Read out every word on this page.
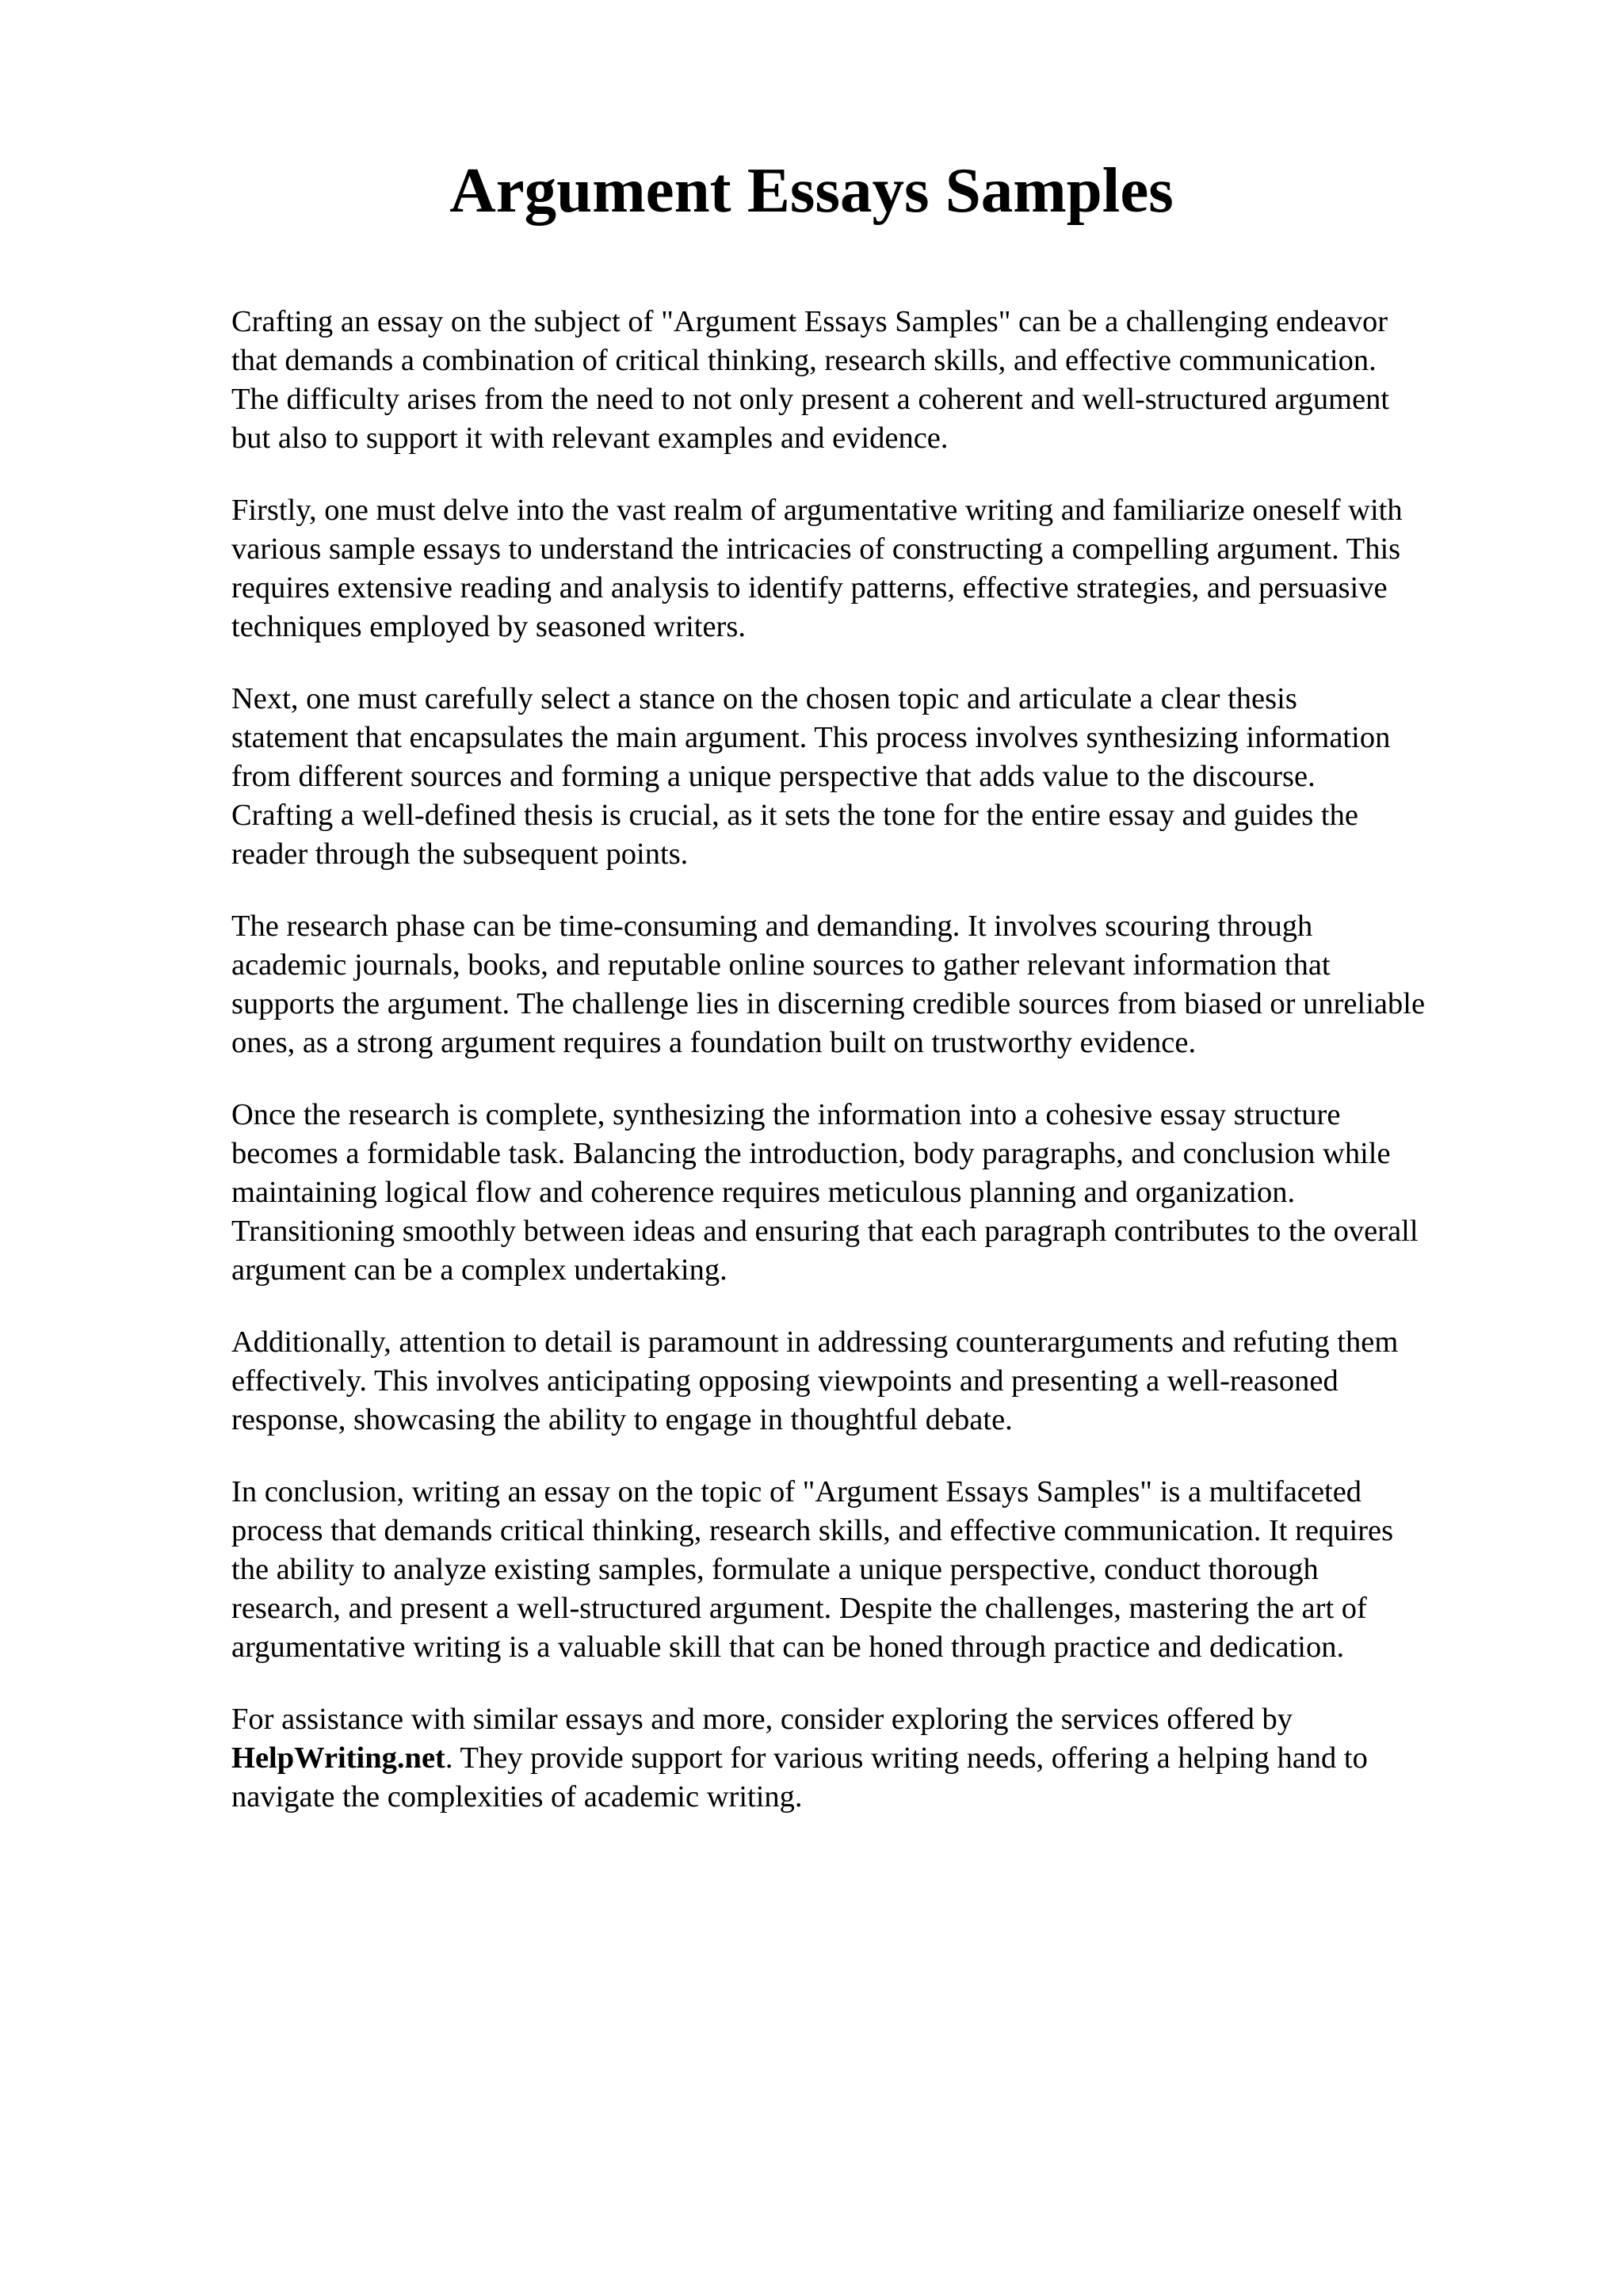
Argument Essays Samples

Crafting an essay on the subject of "Argument Essays Samples" can be a challenging endeavor
that demands a combination of critical thinking, research skills, and effective communication.
The difficulty arises from the need to not only present a coherent and well-structured argument
but also to support it with relevant examples and evidence.

Firstly, one must delve into the vast realm of argumentative writing and familiarize oneself with
various sample essays to understand the intricacies of constructing a compelling argument. This
requires extensive reading and analysis to identify patterns, effective strategies, and persuasive
techniques employed by seasoned writers.

Next, one must carefully select a stance on the chosen topic and articulate a clear thesis
statement that encapsulates the main argument. This process involves synthesizing information
from different sources and forming a unique perspective that adds value to the discourse.
Crafting a well-defined thesis is crucial, as it sets the tone for the entire essay and guides the
reader through the subsequent points.

The research phase can be time-consuming and demanding. It involves scouring through
academic journals, books, and reputable online sources to gather relevant information that
supports the argument. The challenge lies in discerning credible sources from biased or unreliable
ones, as a strong argument requires a foundation built on trustworthy evidence.

Once the research is complete, synthesizing the information into a cohesive essay structure
becomes a formidable task. Balancing the introduction, body paragraphs, and conclusion while
maintaining logical flow and coherence requires meticulous planning and organization.
Transitioning smoothly between ideas and ensuring that each paragraph contributes to the overall
argument can be a complex undertaking.

Additionally, attention to detail is paramount in addressing counterarguments and refuting them
effectively. This involves anticipating opposing viewpoints and presenting a well-reasoned
response, showcasing the ability to engage in thoughtful debate.

In conclusion, writing an essay on the topic of "Argument Essays Samples" is a multifaceted
process that demands critical thinking, research skills, and effective communication. It requires
the ability to analyze existing samples, formulate a unique perspective, conduct thorough
research, and present a well-structured argument. Despite the challenges, mastering the art of
argumentative writing is a valuable skill that can be honed through practice and dedication.

For assistance with similar essays and more, consider exploring the services offered by
HelpWriting.net. They provide support for various writing needs, offering a helping hand to
navigate the complexities of academic writing.
